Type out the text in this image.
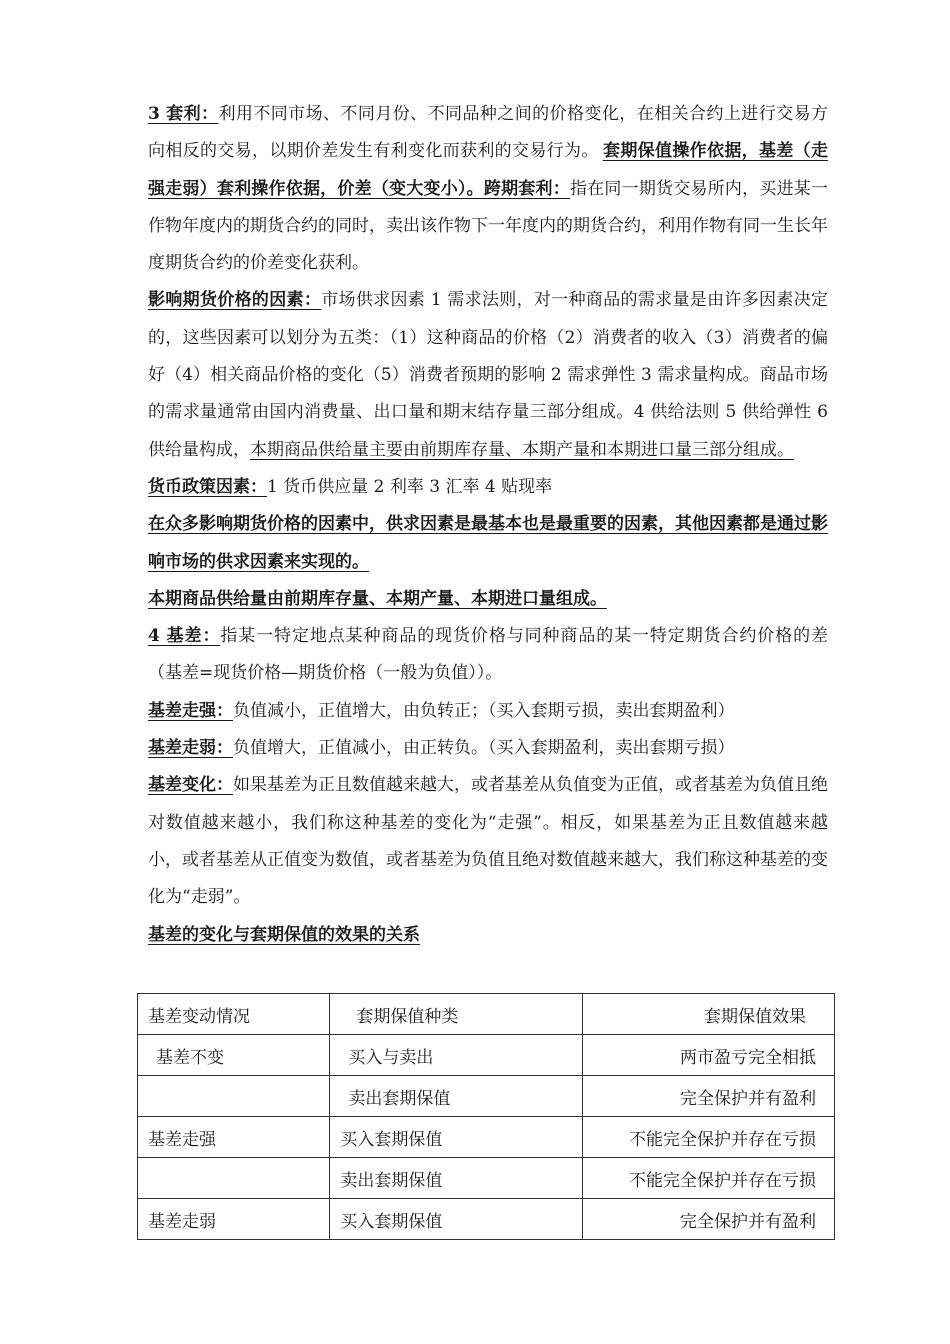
3 套利：利用不同市场、不同月份、不同品种之间的价格变化，在相关合约上进行交易方向相反的交易，以期价差发生有利变化而获利的交易行为。 套期保值操作依据，基差（走强走弱）套利操作依据，价差（变大变小）。跨期套利：指在同一期货交易所内，买进某一作物年度内的期货合约的同时，卖出该作物下一年度内的期货合约，利用作物有同一生长年度期货合约的价差变化获利。

影响期货价格的因素：市场供求因素 1 需求法则，对一种商品的需求量是由许多因素决定的，这些因素可以划分为五类：（1）这种商品的价格（2）消费者的收入（3）消费者的偏好（4）相关商品价格的变化（5）消费者预期的影响 2 需求弹性 3 需求量构成。商品市场的需求量通常由国内消费量、出口量和期末结存量三部分组成。4 供给法则 5 供给弹性 6 供给量构成，本期商品供给量主要由前期库存量、本期产量和本期进口量三部分组成。

货币政策因素：1 货币供应量 2 利率 3 汇率 4 贴现率

在众多影响期货价格的因素中，供求因素是最基本也是最重要的因素，其他因素都是通过影响市场的供求因素来实现的。

本期商品供给量由前期库存量、本期产量、本期进口量组成。

4 基差：指某一特定地点某种商品的现货价格与同种商品的某一特定期货合约价格的差（基差=现货价格—期货价格（一般为负值））。

基差走强：负值减小，正值增大，由负转正；（买入套期亏损，卖出套期盈利）

基差走弱：负值增大，正值减小，由正转负。（买入套期盈利，卖出套期亏损）

基差变化：如果基差为正且数值越来越大，或者基差从负值变为正值，或者基差为负值且绝对数值越来越小，我们称这种基差的变化为“走强”。相反，如果基差为正且数值越来越小，或者基差从正值变为数值，或者基差为负值且绝对数值越来越大，我们称这种基差的变化为“走弱”。

基差的变化与套期保值的效果的关系

基差变动情况	套期保值种类	套期保值效果
基差不变	买入与卖出	两市盈亏完全相抵
	卖出套期保值	完全保护并有盈利
基差走强	买入套期保值	不能完全保护并存在亏损
	卖出套期保值	不能完全保护并存在亏损
基差走弱	买入套期保值	完全保护并有盈利
